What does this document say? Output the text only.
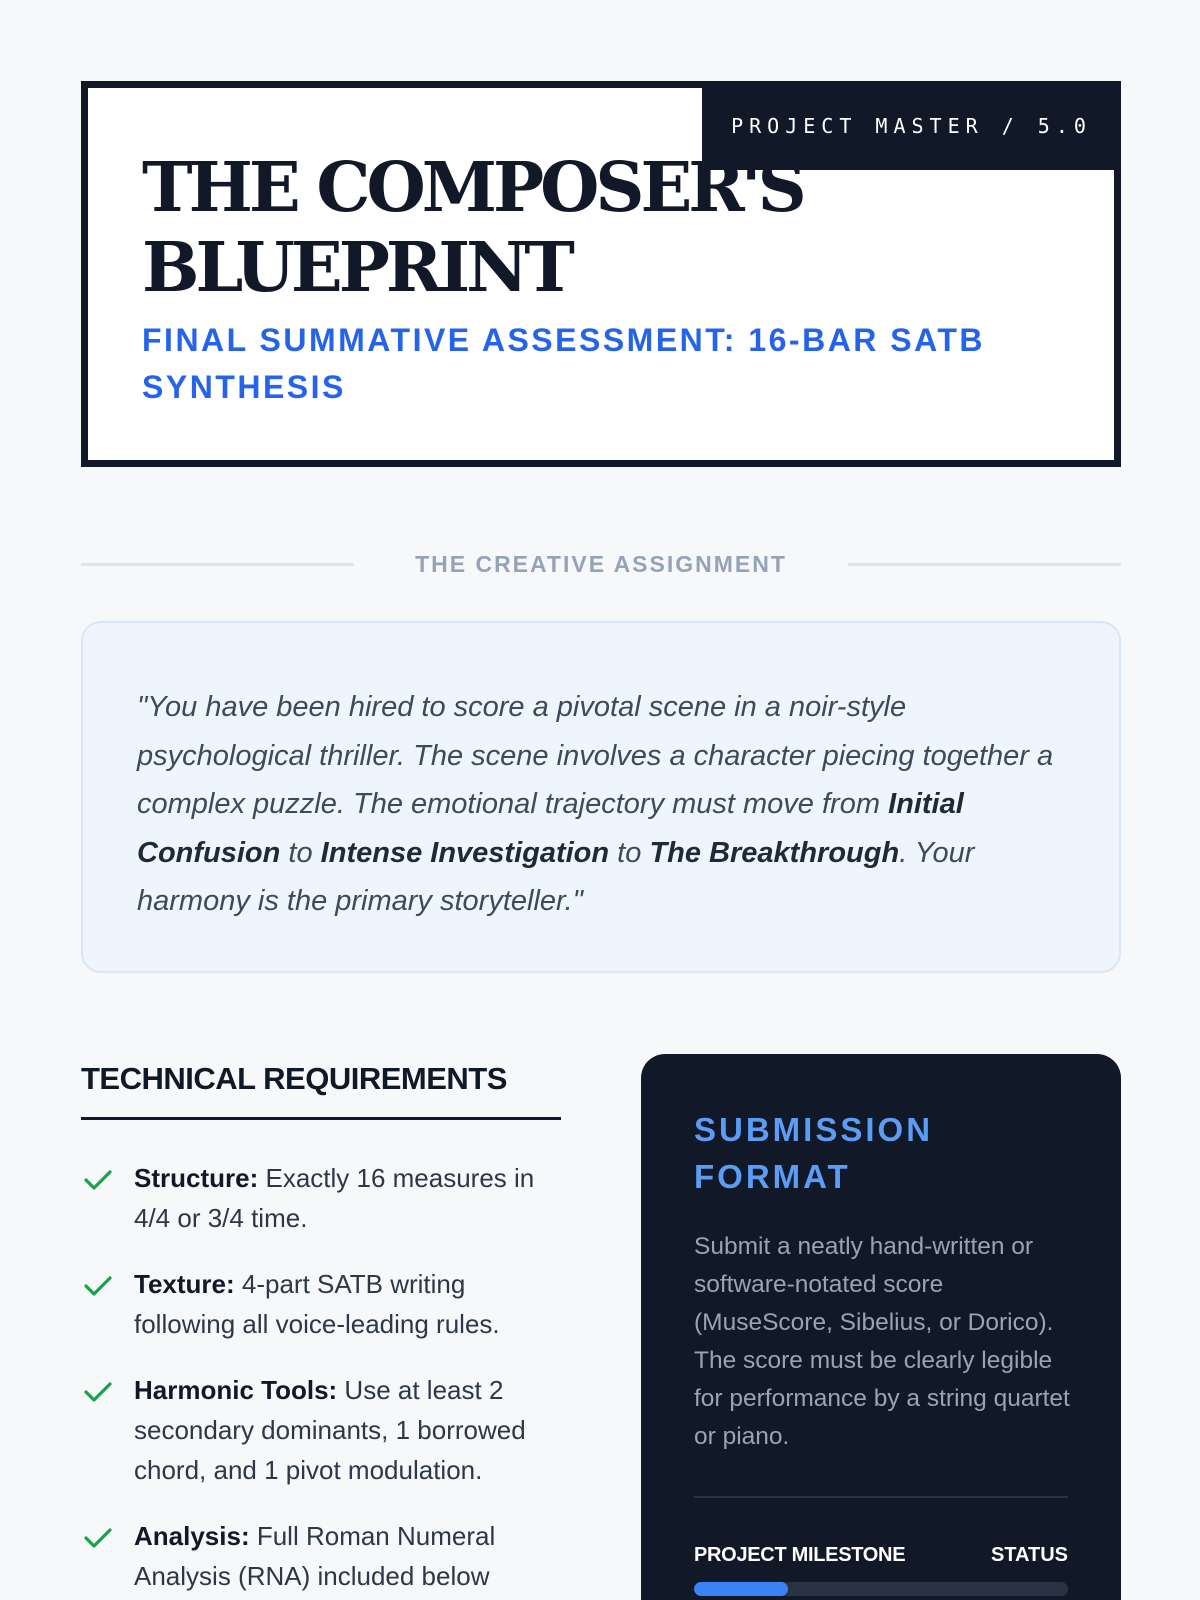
PROJECT MASTER / 5.0
THE COMPOSER'S
BLUEPRINT

FINAL SUMMATIVE ASSESSMENT: 16-BAR SATB SYNTHESIS

THE CREATIVE ASSIGNMENT

"You have been hired to score a pivotal scene in a noir-style psychological thriller. The scene involves a character piecing together a complex puzzle. The emotional trajectory must move from Initial Confusion to Intense Investigation to The Breakthrough. Your harmony is the primary storyteller."

TECHNICAL REQUIREMENTS
Structure: Exactly 16 measures in 4/4 or 3/4 time.
Texture: 4-part SATB writing following all voice-leading rules.
Harmonic Tools: Use at least 2 secondary dominants, 1 borrowed chord, and 1 pivot modulation.
Analysis: Full Roman Numeral Analysis (RNA) included below
SUBMISSION FORMAT

Submit a neatly hand-written or software-notated score (MuseScore, Sibelius, or Dorico). The score must be clearly legible for performance by a string quartet or piano.

PROJECT MILESTONE	STATUS
